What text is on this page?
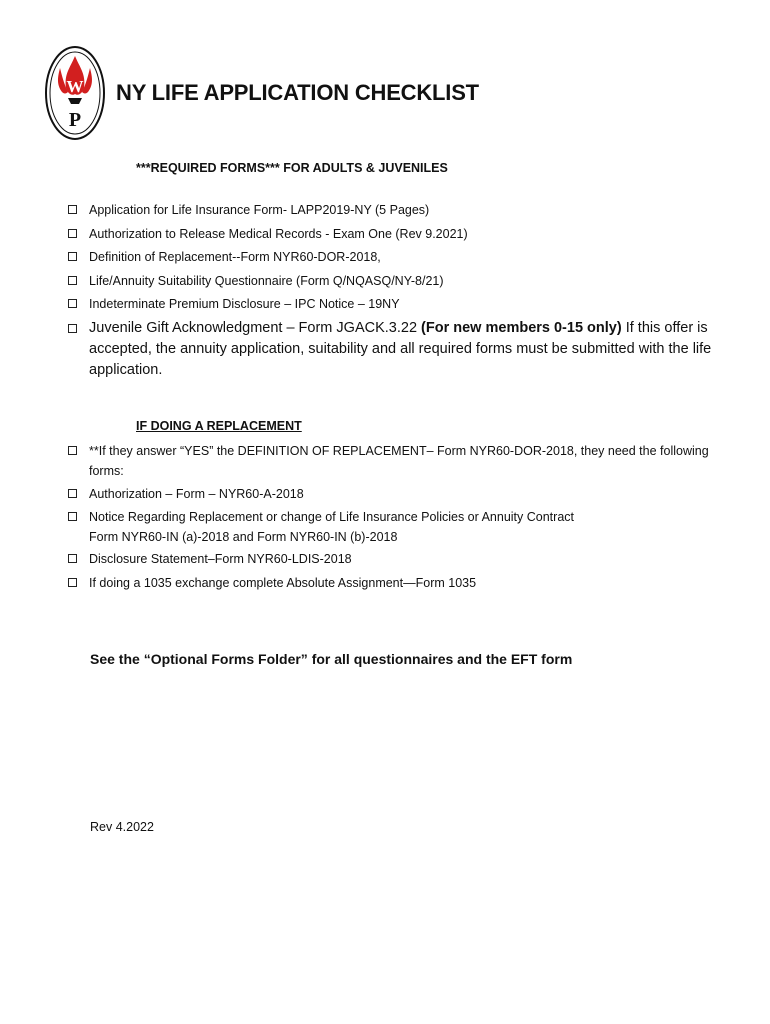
W
P
NY LIFE APPLICATION CHECKLIST
***REQUIRED FORMS*** FOR ADULTS & JUVENILES
Application for Life Insurance Form- LAPP2019-NY (5 Pages)
Authorization to Release Medical Records - Exam One (Rev 9.2021)
Definition of Replacement--Form NYR60-DOR-2018,
Life/Annuity Suitability Questionnaire (Form Q/NQASQ/NY-8/21)
Indeterminate Premium Disclosure – IPC Notice – 19NY
Juvenile Gift Acknowledgment – Form JGACK.3.22 (For new members 0-15 only) If this offer is accepted, the annuity application, suitability and all required forms must be submitted with the life application.
IF DOING A REPLACEMENT
**If they answer “YES” the DEFINITION OF REPLACEMENT– Form NYR60-DOR-2018, they need the following forms:
Authorization – Form – NYR60-A-2018
Notice Regarding Replacement or change of Life Insurance Policies or Annuity Contract
Form NYR60-IN (a)-2018 and Form NYR60-IN (b)-2018
Disclosure Statement–Form NYR60-LDIS-2018
If doing a 1035 exchange complete Absolute Assignment—Form 1035

See the “Optional Forms Folder” for all questionnaires and the EFT form

Rev 4.2022
